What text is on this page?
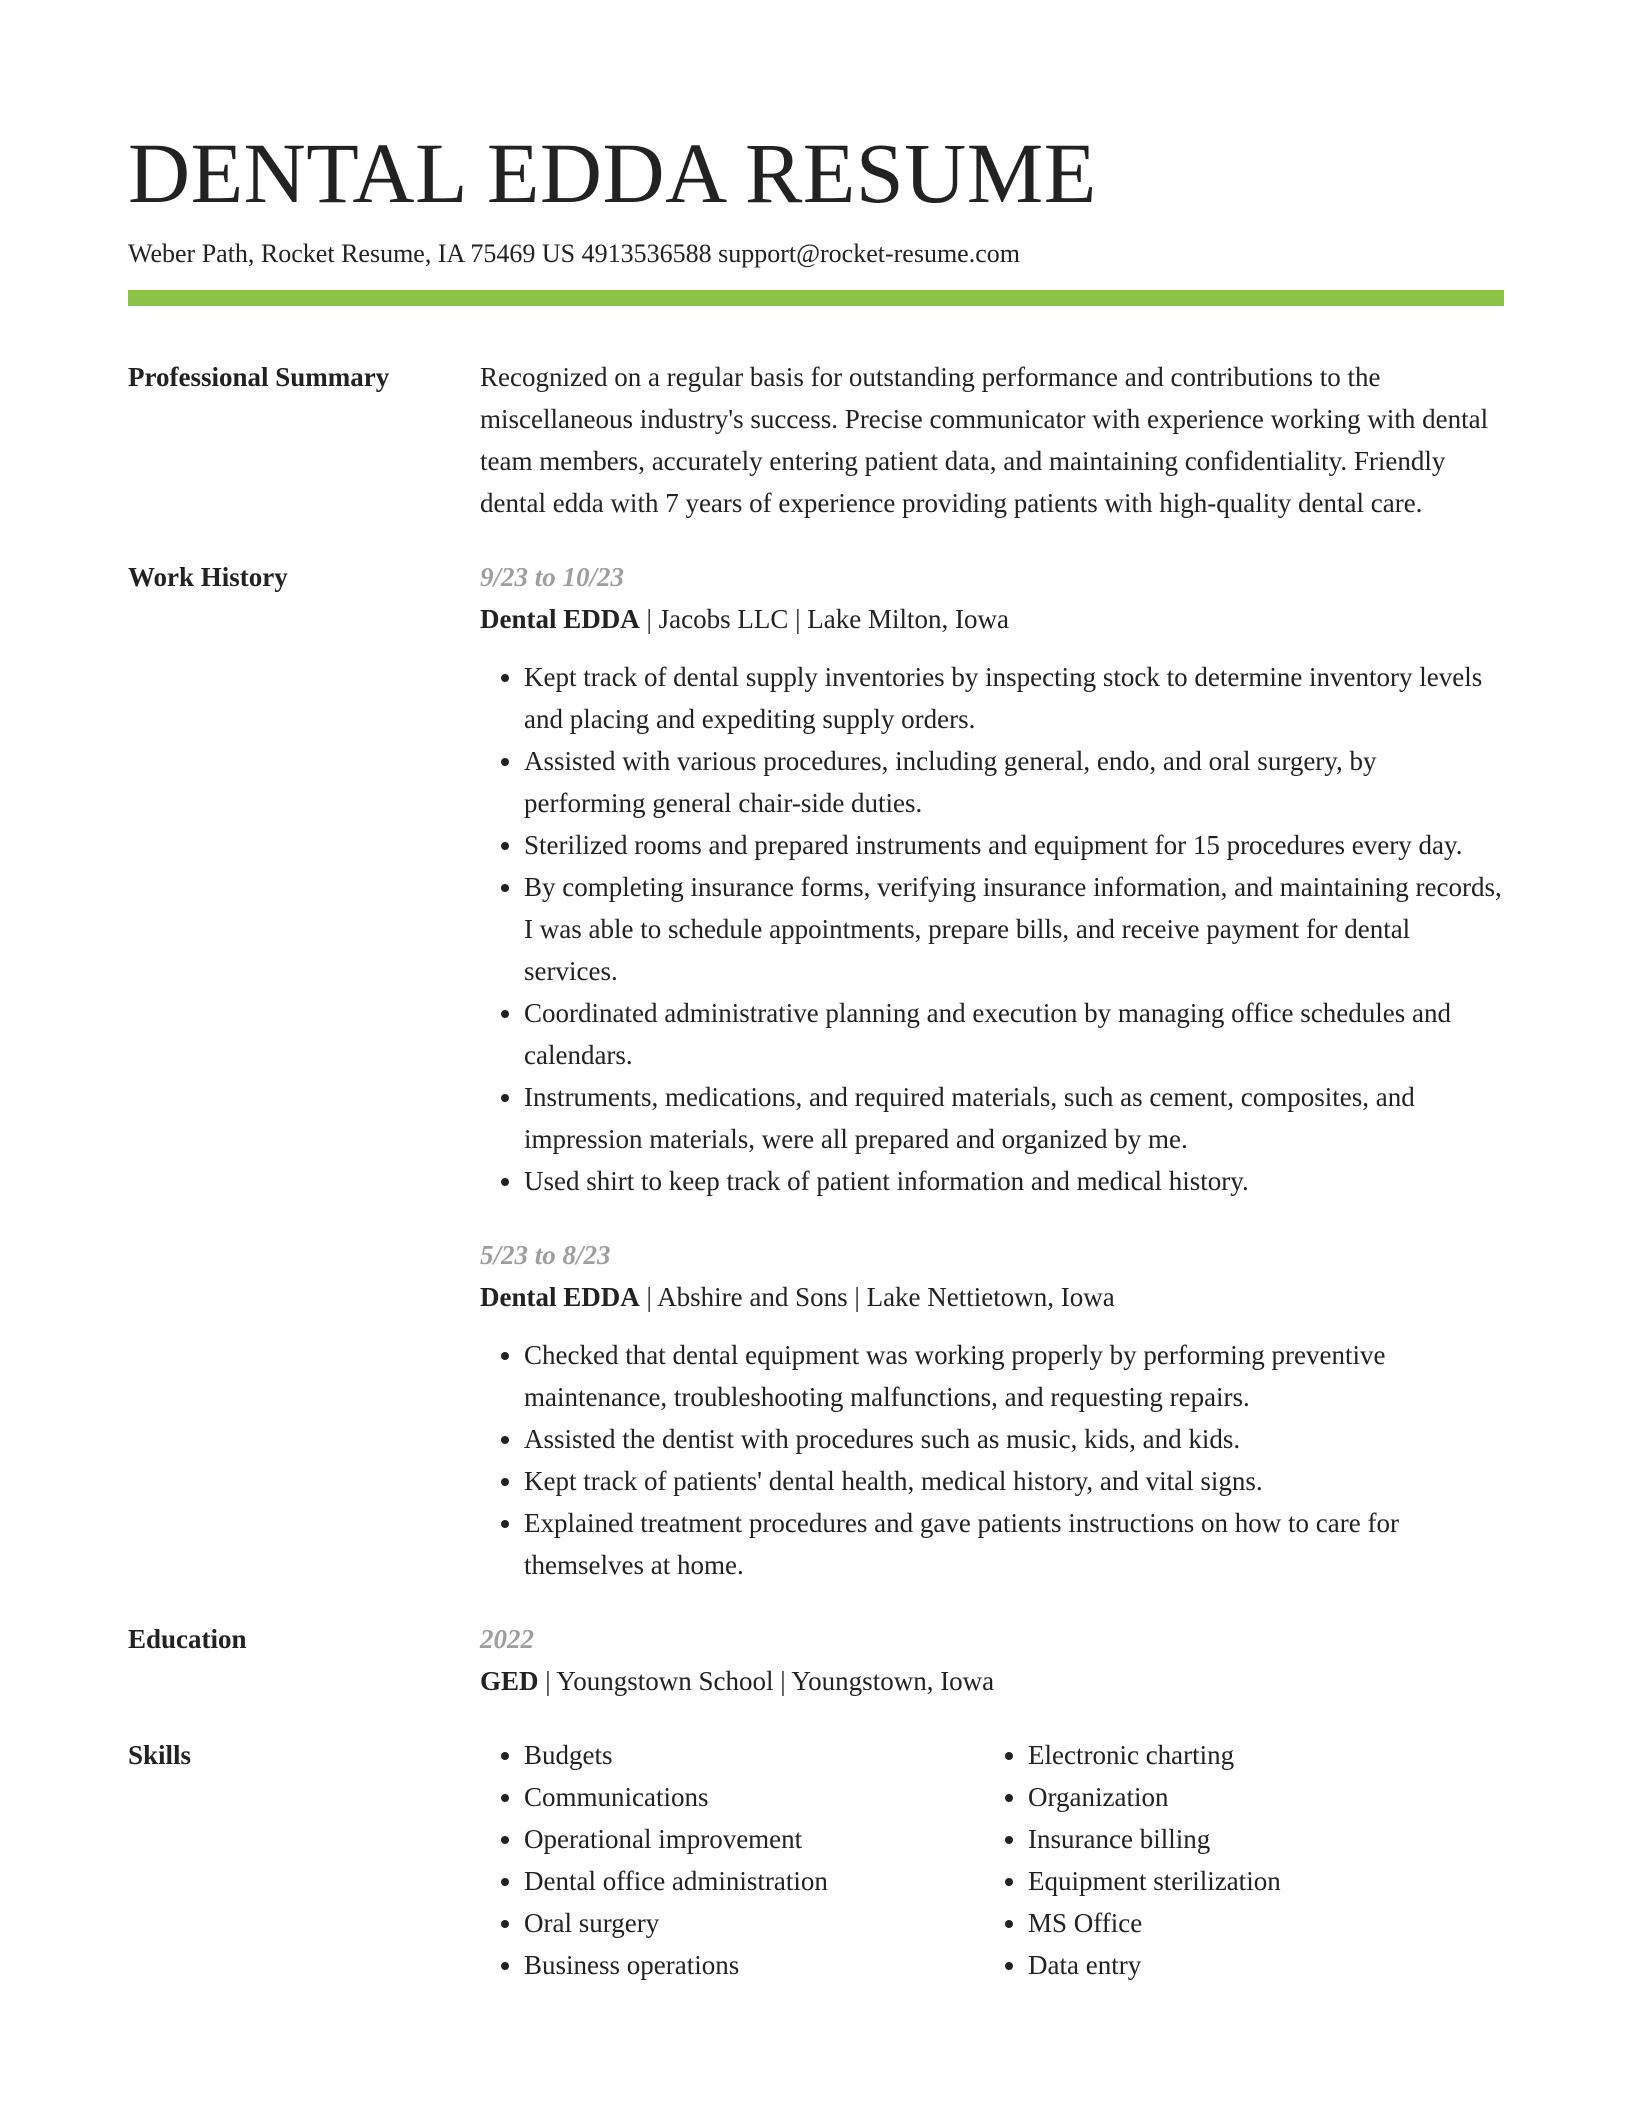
DENTAL EDDA RESUME
Weber Path, Rocket Resume, IA 75469 US 4913536588 support@rocket-resume.com
Professional Summary	Recognized on a regular basis for outstanding performance and contributions to the miscellaneous industry's success. Precise communicator with experience working with dental team members, accurately entering patient data, and maintaining confidentiality. Friendly dental edda with 7 years of experience providing patients with high-quality dental care.
Work History	9/23 to 10/23
Dental EDDA | Jacobs LLC | Lake Milton, Iowa
• Kept track of dental supply inventories by inspecting stock to determine inventory levels and placing and expediting supply orders.
• Assisted with various procedures, including general, endo, and oral surgery, by performing general chair-side duties.
• Sterilized rooms and prepared instruments and equipment for 15 procedures every day.
• By completing insurance forms, verifying insurance information, and maintaining records, I was able to schedule appointments, prepare bills, and receive payment for dental services.
• Coordinated administrative planning and execution by managing office schedules and calendars.
• Instruments, medications, and required materials, such as cement, composites, and impression materials, were all prepared and organized by me.
• Used shirt to keep track of patient information and medical history.
5/23 to 8/23
Dental EDDA | Abshire and Sons | Lake Nettietown, Iowa
• Checked that dental equipment was working properly by performing preventive maintenance, troubleshooting malfunctions, and requesting repairs.
• Assisted the dentist with procedures such as music, kids, and kids.
• Kept track of patients' dental health, medical history, and vital signs.
• Explained treatment procedures and gave patients instructions on how to care for themselves at home.
Education	2022
GED | Youngstown School | Youngstown, Iowa
Skills
•	Budgets
• Communications
• Operational improvement
• Dental office administration
• Oral surgery
• Business operations
• Electronic charting
• Organization
• Insurance billing
• Equipment sterilization
• MS Office
• Data entry
